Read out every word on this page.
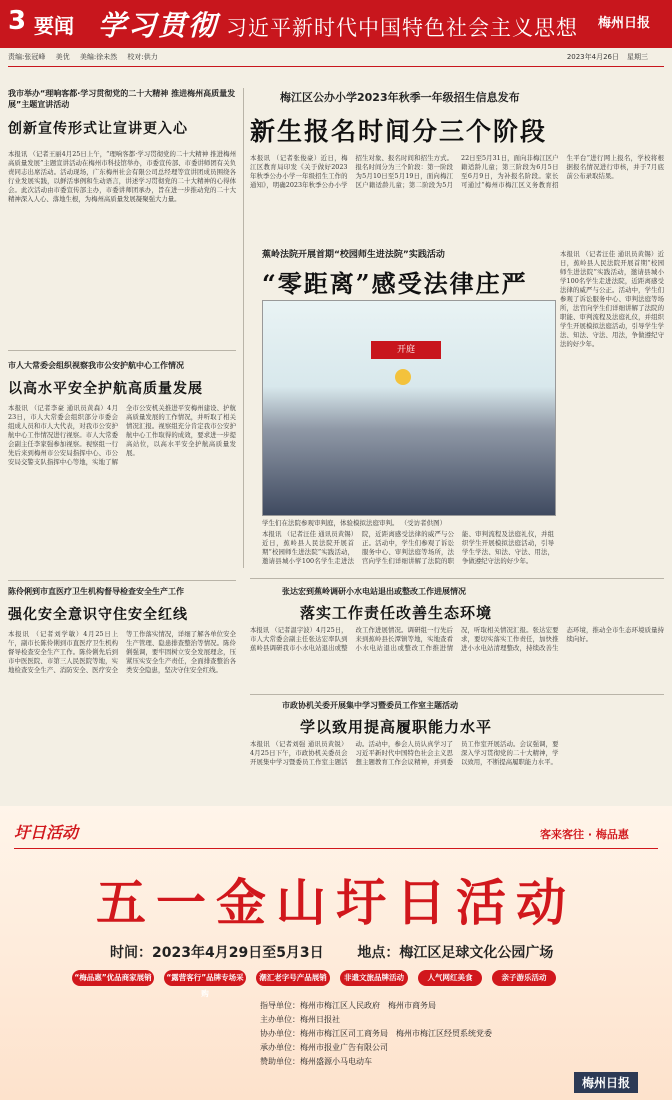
3 要闻 学习贯彻 习近平新时代中国特色社会主义思想 梅州日报
责编:张冠峰 美优 美编:徐未然 校对:供力	2023年4月26日 星期三
我市举办“理响客都·学习贯彻党的二十大精神 推进梅州高质量发展”主题宣讲活动
创新宣传形式让宣讲更入心
本报讯 （记者王丽4月25日上午，“理响客都·学习贯彻党的二十大精神 推进梅州高质量发展”主题宣讲活动在梅州市科技馆举办，市委宣传部、市委讲师团有关负责同志出席活动。活动现场，广东梅州社会有限公司总经理等宣讲团成员围绕各行业发展实践，以鲜活事例和生动语言，讲述学习贯彻党的二十大精神的心得体会。此次活动由市委宣传部主办，市委讲师团承办，旨在进一步推动党的二十大精神深入人心、落地生根，为梅州高质量发展凝聚强大力量。
梅江区公办小学2023年秋季一年级招生信息发布
新生报名时间分三个阶段
本报讯 （记者张俊豪）近日，梅江区教育局印发《关于做好2023年秋季公办小学一年级招生工作的通知》，明确2023年秋季公办小学招生对象、报名时间和招生方式。报名时间分为三个阶段：第一阶段为5月10日至5月19日，面向梅江区户籍适龄儿童；第二阶段为5月22日至5月31日，面向非梅江区户籍适龄儿童；第三阶段为6月5日至6月9日，为补报名阶段。家长可通过“梅州市梅江区义务教育招生平台”进行网上报名，学校将根据报名情况进行审核，并于7月底前公布录取结果。
蕉岭法院开展首期“校园师生进法院”实践活动
“零距离”感受法律庄严
开庭
学生们在法院参观审判庭，体验模拟法庭审判。 （受访者供图）
本报讯 （记者汪佳 通讯员黄锡）近日，蕉岭县人民法院开展首期“校园师生进法院”实践活动，邀请县城小学100名学生走进法院，近距离感受法律的威严与公正。活动中，学生们参观了诉讼服务中心、审判法庭等场所，法官向学生们详细讲解了法院的职能、审判流程及法庭礼仪，并组织学生开展模拟法庭活动，引导学生学法、知法、守法、用法，争做遵纪守法的好少年。
本报讯 （记者汪佳 通讯员黄锡）近日，蕉岭县人民法院开展首期“校园师生进法院”实践活动，邀请县城小学100名学生走进法院，近距离感受法律的威严与公正。活动中，学生们参观了诉讼服务中心、审判法庭等场所，法官向学生们详细讲解了法院的职能、审判流程及法庭礼仪，并组织学生开展模拟法庭活动，引导学生学法、知法、守法、用法，争做遵纪守法的好少年。
市人大常委会组织视察我市公安护航中心工作情况
以高水平安全护航高质量发展
本报讯 （记者李豪 通讯员黄森）4月23日，市人大常委会组织部分市委会组成人员和市人大代表，对我市公安护航中心工作情况进行视察。市人大常委会副主任李家强参加视察。视察组一行先后来到梅州市公安局指挥中心、市公安局交警支队指挥中心等地，实地了解全市公安机关推进平安梅州建设、护航高质量发展的工作情况，并听取了相关情况汇报。视察组充分肯定我市公安护航中心工作取得的成效，要求进一步提高站位，以高水平安全护航高质量发展。
陈伶俐到市直医疗卫生机构督导检查安全生产工作
强化安全意识守住安全红线
本报讯 （记者刘学敏）4月25日上午，副市长陈伶俐到市直医疗卫生机构督导检查安全生产工作。陈伶俐先后到市中医医院、市第三人民医院等地，实地检查安全生产、消防安全、医疗安全等工作落实情况，详细了解各单位安全生产管理、隐患排查整治等情况。陈伶俐强调，要牢固树立安全发展理念，压紧压实安全生产责任，全面排查整治各类安全隐患，坚决守住安全红线。
张达宏到蕉岭调研小水电站退出或整改工作进展情况
落实工作责任改善生态环境
本报讯 （记者温宇波）4月25日，市人大常委会副主任张达宏率队到蕉岭县调研我市小水电站退出或整改工作进展情况。调研组一行先后来到蕉岭县长潭镇等地，实地查看小水电站退出或整改工作推进情况，听取相关情况汇报。张达宏要求，要切实落实工作责任，加快推进小水电站清理整改，持续改善生态环境，推动全市生态环境质量持续向好。
市政协机关委开展集中学习暨委员工作室主题活动
学以致用提高履职能力水平
本报讯 （记者刘强 通讯员黄锐）4月25日下午，市政协机关委员会开展集中学习暨委员工作室主题活动。活动中，参会人员认真学习了习近平新时代中国特色社会主义思想主题教育工作会议精神，并到委员工作室开展活动。会议强调，要深入学习贯彻党的二十大精神，学以致用，不断提高履职能力水平。
圩日活动	客来客往 · 梅品惠
五一金山圩日活动
时间：2023年4月29日至5月3日 地点：梅江区足球文化公园广场
“梅品惠”优品商家展销	“露营客行”品牌专场采购
潮汇老字号产品展销	非遗文旅品牌活动	人气网红美食	亲子游乐活动
指导单位：梅州市梅江区人民政府　梅州市商务局
主办单位：梅州日报社
协办单位：梅州市梅江区司工商务局　梅州市梅江区经贸系统党委
承办单位：梅州市报业广告有限公司
赞助单位：梅州盛源小马电动车
梅州日报
